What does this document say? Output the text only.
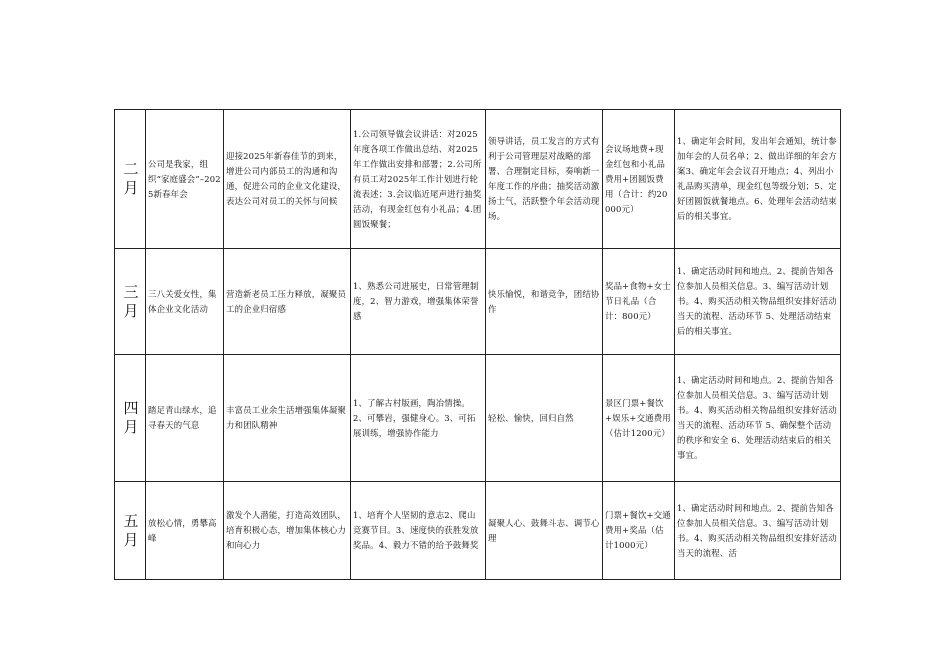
二月	公司是我家，组织“家庭盛会”–2025新春年会	迎接2025年新春佳节的到来，增进公司内部员工的沟通和沟通，促进公司的企业文化建设，表达公司对员工的关怀与问候	1.公司领导做会议讲话：对2025年度各项工作做出总结、对2025年工作做出安排和部署；2.公司所有员工对2025年工作计划进行轮流表述；3.会议临近尾声进行抽奖活动，有现金红包有小礼品；4.团圆饭聚餐；	领导讲话，员工发言的方式有利于公司管理层对战略的部署、合理制定目标，奏响新一年度工作的序曲；抽奖活动激扬士气，活跃整个年会活动现场。	会议场地费+现金红包和小礼品费用+团圆饭费用（合计：约20000元）	1、确定年会时间，发出年会通知，统计参加年会的人员名单；2、做出详细的年会方案3、确定年会会议召开地点；4、列出小礼品购买清单，现金红包等级分划；5、定好团圆饭就餐地点。6、处理年会活动结束后的相关事宜。
三月	三八关爱女性，集体企业文化活动	营造新老员工压力释放，凝聚员工的企业归宿感	1、熟悉公司进展史，日常管理制度，2、智力游戏，增强集体荣誉感	快乐愉悦，和谐竞争，团结协作	奖品+食物+女士节日礼品（合计：800元）	1、确定活动时间和地点。2、提前告知各位参加人员相关信息。3、编写活动计划书。4、购买活动相关物品组织安排好活动当天的流程、活动环节 5、处理活动结束后的相关事宜。
四月	踏足青山绿水，追寻春天的气息	丰富员工业余生活增强集体凝聚力和团队精神	1、了解古村版画，陶冶情操。2、可攀岩，强健身心。3、可拓展训练，增强协作能力	轻松、愉快，回归自然	景区门票+餐饮+娱乐+交通费用（估计1200元）	1、确定活动时间和地点。2、提前告知各位参加人员相关信息。3、编写活动计划书。4、购买活动相关物品组织安排好活动当天的流程、活动环节 5、确保整个活动的秩序和安全 6、处理活动结束后的相关事宜。
五月	放松心情，勇攀高峰	激发个人潜能，打造高效团队，培育积极心态，增加集体核心力和向心力	1、培育个人坚韧的意志2、爬山竞赛节目。3、速度快的获胜发放奖品。4、毅力不错的给予鼓舞奖	凝聚人心、鼓舞斗志、调节心理	门票+餐饮+交通费用+奖品（估计1000元）	1、确定活动时间和地点。2、提前告知各位参加人员相关信息。3、编写活动计划书。4、购买活动相关物品组织安排好活动当天的流程、活
